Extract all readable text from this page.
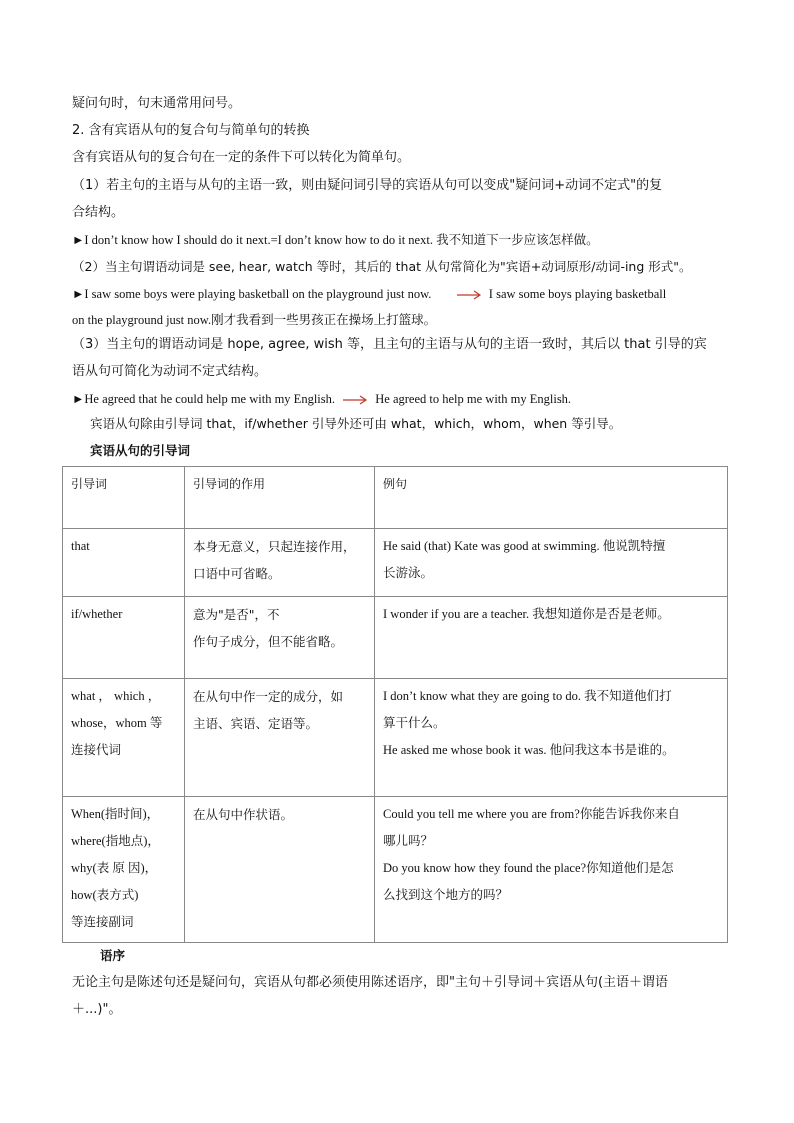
疑问句时，句末通常用问号。
2. 含有宾语从句的复合句与简单句的转换
含有宾语从句的复合句在一定的条件下可以转化为简单句。
（1）若主句的主语与从句的主语一致，则由疑问词引导的宾语从句可以变成"疑问词+动词不定式"的复
合结构。
►I don’t know how I should do it next.=I don’t know how to do it next. 我不知道下一步应该怎样做。
（2）当主句谓语动词是 see, hear, watch 等时，其后的 that 从句常简化为"宾语+动词原形/动词-ing 形式"。
►I saw some boys were playing basketball on the playground just now.	I saw some boys playing basketball
on the playground just now.刚才我看到一些男孩正在操场上打篮球。
（3）当主句的谓语动词是 hope, agree, wish 等，且主句的主语与从句的主语一致时，其后以 that 引导的宾
语从句可简化为动词不定式结构。
►He agreed that he could help me with my English.	He agreed to help me with my English.
宾语从句除由引导词 that，if/whether 引导外还可由 what，which，whom，when 等引导。
宾语从句的引导词
引导词	引导词的作用	例句

that	本身无意义，只起连接作用，
口语中可省略。	He said (that) Kate was good at swimming. 他说凯特擅
长游泳。

if/whether	意为"是否"，不
作句子成分，但不能省略。	I wonder if you are a teacher. 我想知道你是否是老师。

what ， which ，
whose，whom 等
连接代词	在从句中作一定的成分，如
主语、宾语、定语等。	I don’t know what they are going to do. 我不知道他们打
算干什么。
He asked me whose book it was. 他问我这本书是谁的。

When(指时间)，
where(指地点)，
why(表 原 因)，
how(表方式)
等连接副词	在从句中作状语。	Could you tell me where you are from?你能告诉我你来自
哪儿吗？
Do you know how they found the place?你知道他们是怎
么找到这个地方的吗？
语序
无论主句是陈述句还是疑问句，宾语从句都必须使用陈述语序，即"主句＋引导词＋宾语从句(主语＋谓语
＋...)"。
